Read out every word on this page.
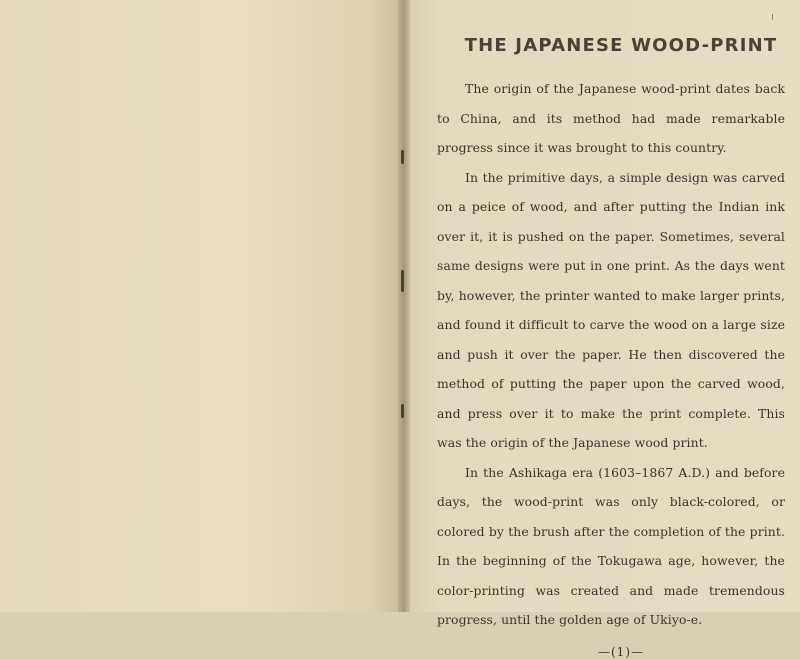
THE JAPANESE WOOD-PRINT

The origin of the Japanese wood-print dates back to China, and its method had made remarkable progress since it was brought to this country.

In the primitive days, a simple design was carved on a peice of wood, and after putting the Indian ink over it, it is pushed on the paper. Sometimes, several same designs were put in one print. As the days went by, however, the printer wanted to make larger prints, and found it difficult to carve the wood on a large size and push it over the paper. He then discovered the method of putting the paper upon the carved wood, and press over it to make the print complete. This was the origin of the Japanese wood print.

In the Ashikaga era (1603–1867 A.D.) and before days, the wood-print was only black-colored, or colored by the brush after the completion of the print. In the beginning of the Tokugawa age, however, the color-printing was created and made tremendous progress, until the golden age of Ukiyo-e.

—(1)—
